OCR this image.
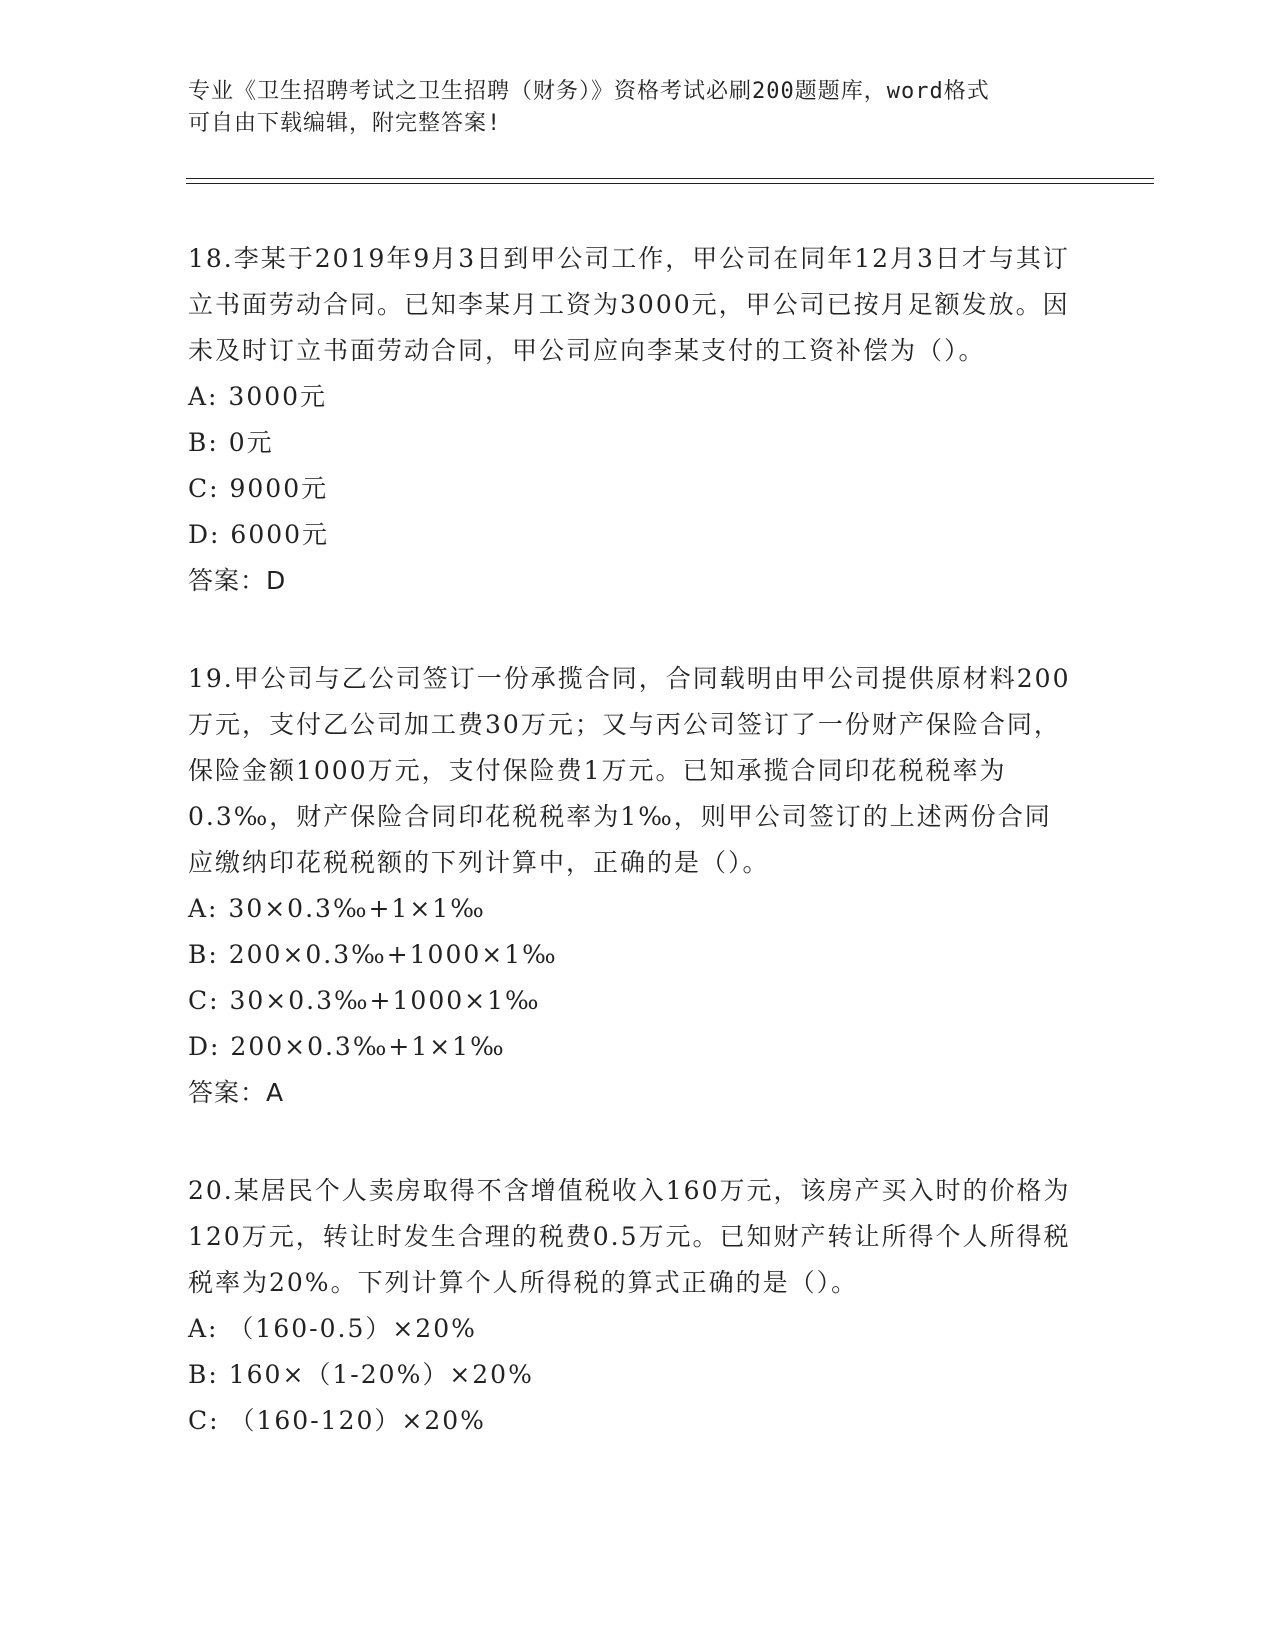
专业《卫生招聘考试之卫生招聘（财务）》资格考试必刷200题题库，word格式
可自由下载编辑，附完整答案!

18.李某于2019年9月3日到甲公司工作，甲公司在同年12月3日才与其订立书面劳动合同。已知李某月工资为3000元，甲公司已按月足额发放。因未及时订立书面劳动合同，甲公司应向李某支付的工资补偿为（）。

A: 3000元

B: 0元

C: 9000元

D: 6000元

答案：D

19.甲公司与乙公司签订一份承揽合同，合同载明由甲公司提供原材料200万元，支付乙公司加工费30万元；又与丙公司签订了一份财产保险合同，保险金额1000万元，支付保险费1万元。已知承揽合同印花税税率为0.3‰，财产保险合同印花税税率为1‰，则甲公司签订的上述两份合同应缴纳印花税税额的下列计算中，正确的是（）。

A: 30×0.3‰+1×1‰

B: 200×0.3‰+1000×1‰

C: 30×0.3‰+1000×1‰

D: 200×0.3‰+1×1‰

答案：A

20.某居民个人卖房取得不含增值税收入160万元，该房产买入时的价格为120万元，转让时发生合理的税费0.5万元。已知财产转让所得个人所得税税率为20%。下列计算个人所得税的算式正确的是（）。

A: （160-0.5）×20%

B: 160×（1-20%）×20%

C: （160-120）×20%
